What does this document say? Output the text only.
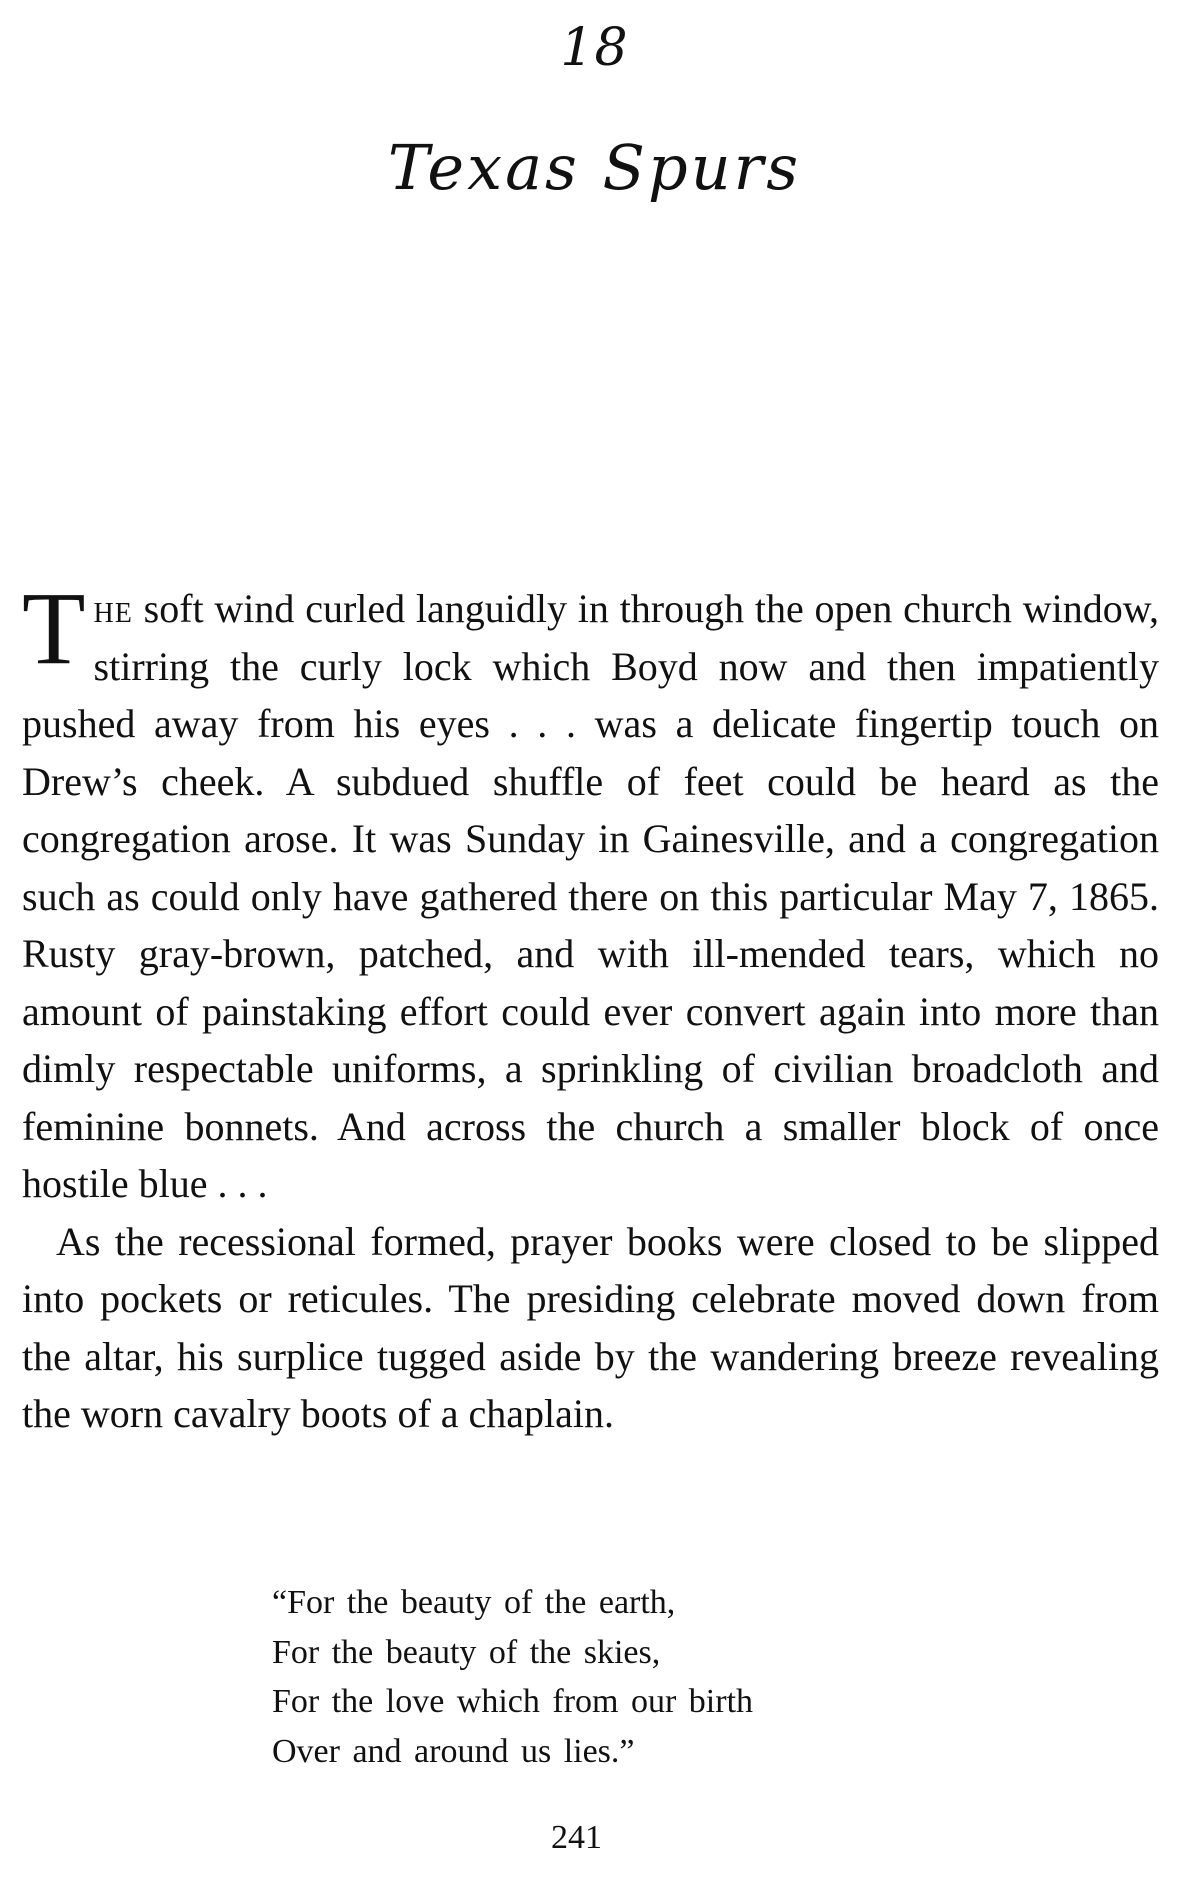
18
Texas Spurs

The soft wind curled languidly in through the open church window, stirring the curly lock which Boyd now and then impatiently pushed away from his eyes . . . was a delicate fingertip touch on Drew’s cheek. A subdued shuffle of feet could be heard as the congregation arose. It was Sunday in Gainesville, and a congregation such as could only have gathered there on this particular May 7, 1865. Rusty gray-brown, patched, and with ill-mended tears, which no amount of painstaking effort could ever convert again into more than dimly respectable uniforms, a sprinkling of civilian broadcloth and feminine bonnets. And across the church a smaller block of once hostile blue . . .

As the recessional formed, prayer books were closed to be slipped into pockets or reticules. The presiding celebrate moved down from the altar, his surplice tugged aside by the wandering breeze revealing the worn cavalry boots of a chaplain.

“For the beauty of the earth,
For the beauty of the skies,
For the love which from our birth
Over and around us lies.”
241
